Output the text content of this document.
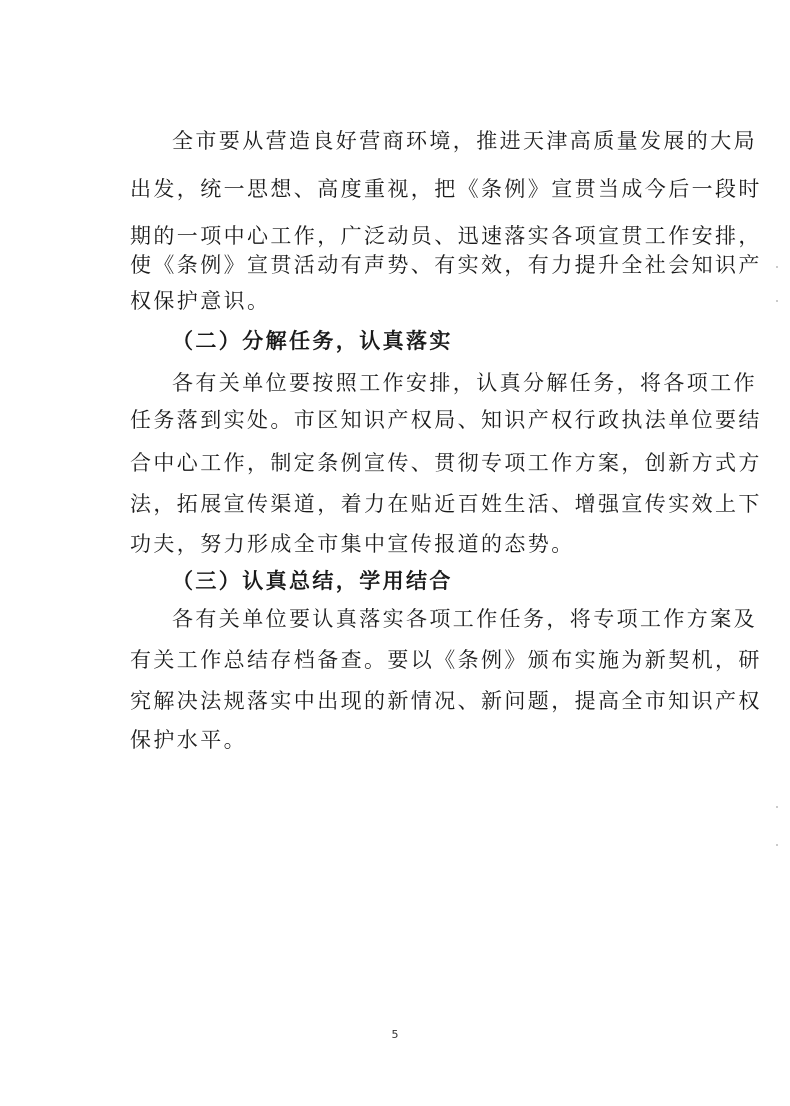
全市要从营造良好营商环境，推进天津高质量发展的大局
出发，统一思想、高度重视，把《条例》宣贯当成今后一段时
期的一项中心工作，广泛动员、迅速落实各项宣贯工作安排，
使《条例》宣贯活动有声势、有实效，有力提升全社会知识产
权保护意识。
（二）分解任务，认真落实
各有关单位要按照工作安排，认真分解任务，将各项工作
任务落到实处。市区知识产权局、知识产权行政执法单位要结
合中心工作，制定条例宣传、贯彻专项工作方案，创新方式方
法，拓展宣传渠道，着力在贴近百姓生活、增强宣传实效上下
功夫，努力形成全市集中宣传报道的态势。
（三）认真总结，学用结合
各有关单位要认真落实各项工作任务，将专项工作方案及
有关工作总结存档备查。要以《条例》颁布实施为新契机，研
究解决法规落实中出现的新情况、新问题，提高全市知识产权
保护水平。
5
